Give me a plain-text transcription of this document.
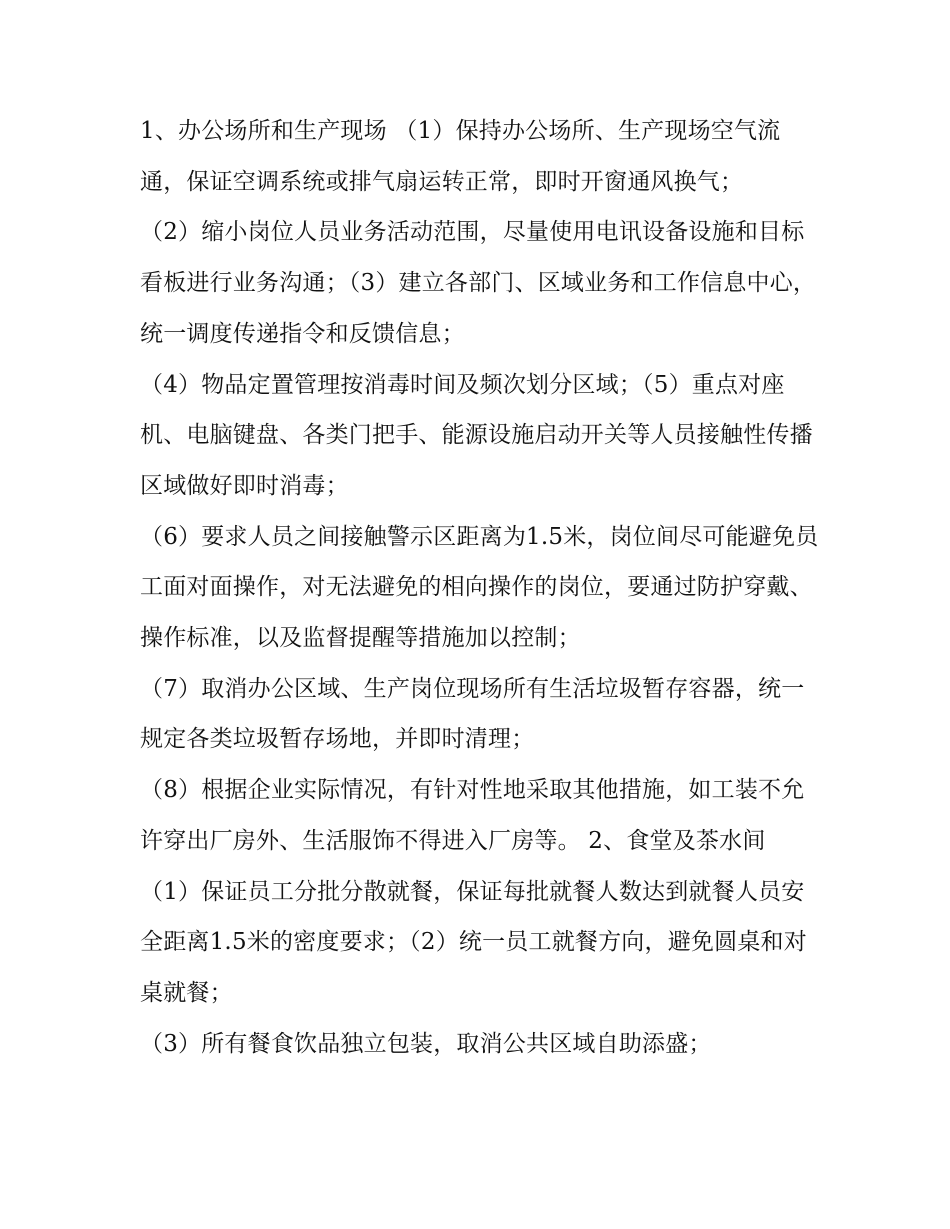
1、办公场所和生产现场 （1）保持办公场所、生产现场空气流通，保证空调系统或排气扇运转正常，即时开窗通风换气；

（2）缩小岗位人员业务活动范围，尽量使用电讯设备设施和目标看板进行业务沟通；（3）建立各部门、区域业务和工作信息中心，统一调度传递指令和反馈信息；

（4）物品定置管理按消毒时间及频次划分区域；（5）重点对座机、电脑键盘、各类门把手、能源设施启动开关等人员接触性传播区域做好即时消毒；

（6）要求人员之间接触警示区距离为1.5米，岗位间尽可能避免员工面对面操作，对无法避免的相向操作的岗位，要通过防护穿戴、操作标准，以及监督提醒等措施加以控制；

（7）取消办公区域、生产岗位现场所有生活垃圾暂存容器，统一规定各类垃圾暂存场地，并即时清理；

（8）根据企业实际情况，有针对性地采取其他措施，如工装不允许穿出厂房外、生活服饰不得进入厂房等。 2、食堂及茶水间

（1）保证员工分批分散就餐，保证每批就餐人数达到就餐人员安全距离1.5米的密度要求；（2）统一员工就餐方向，避免圆桌和对桌就餐；

（3）所有餐食饮品独立包装，取消公共区域自助添盛；
